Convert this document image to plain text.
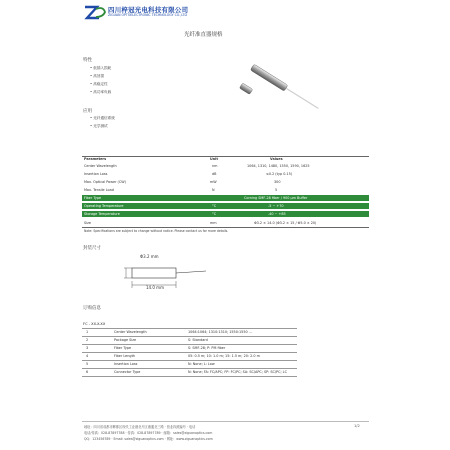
四川梓冠光电科技有限公司
ZIGUAN OPTOELECTRONIC TECHNOLOGY CO.,LTD
光纤准直器规格
特性
• 低插入损耗
• 高回损
• 高稳定性
• 高功率负载
应用
• 光纤通信系统
• 光学测试
Parameters	Unit	Values
Center Wavelength	nm	1064, 1310, 1480, 1550, 1590, 1625
Insertion Loss	dB	≤0.2 (typ 0.15)
Max. Optical Power (CW)	mW	300
Max. Tensile Load	N	5
Fiber Type	Corning SMF-28 fiber / 900 μm Buffer
Operating Temperature	°C	-5 ~ +70
Storage Temperature	°C	-40 ~ +85
Size	mm	Φ3.2 × 14.0 (Φ3.2 × 15 / Φ5.0 × 20)
Note: Specifications are subject to change without notice. Please contact us for more details.
封装尺寸
Φ3.2 mm
14.0 mm
订购信息
FC - XX-X-XX
1	Center Wavelength	1064:1064; 1310:1310; 1550:1550 ...
2	Package Size	S: Standard
3	Fiber Type	S: SMF-28; P: PM fiber
4	Fiber Length	05: 0.5 m; 10: 1.0 m; 15: 1.5 m; 20: 2.0 m
5	Insertion Loss	N: None; L: Low
6	Connector Type	N: None; FA: FC/APC; FP: FC/PC; SA: SC/APC; SP: SC/PC; LC
地址：四川省成都市郫都区现代工业港北片区港通北三路 · 营业执照编号 · 电话
电话/传真：028-87897788 · 传真：028-87897789 · 邮箱：sales@ziguanoptics.com
QQ：123456789 · Email: sales@ziguanoptics.com · 网址：www.ziguanoptics.com
1/2
